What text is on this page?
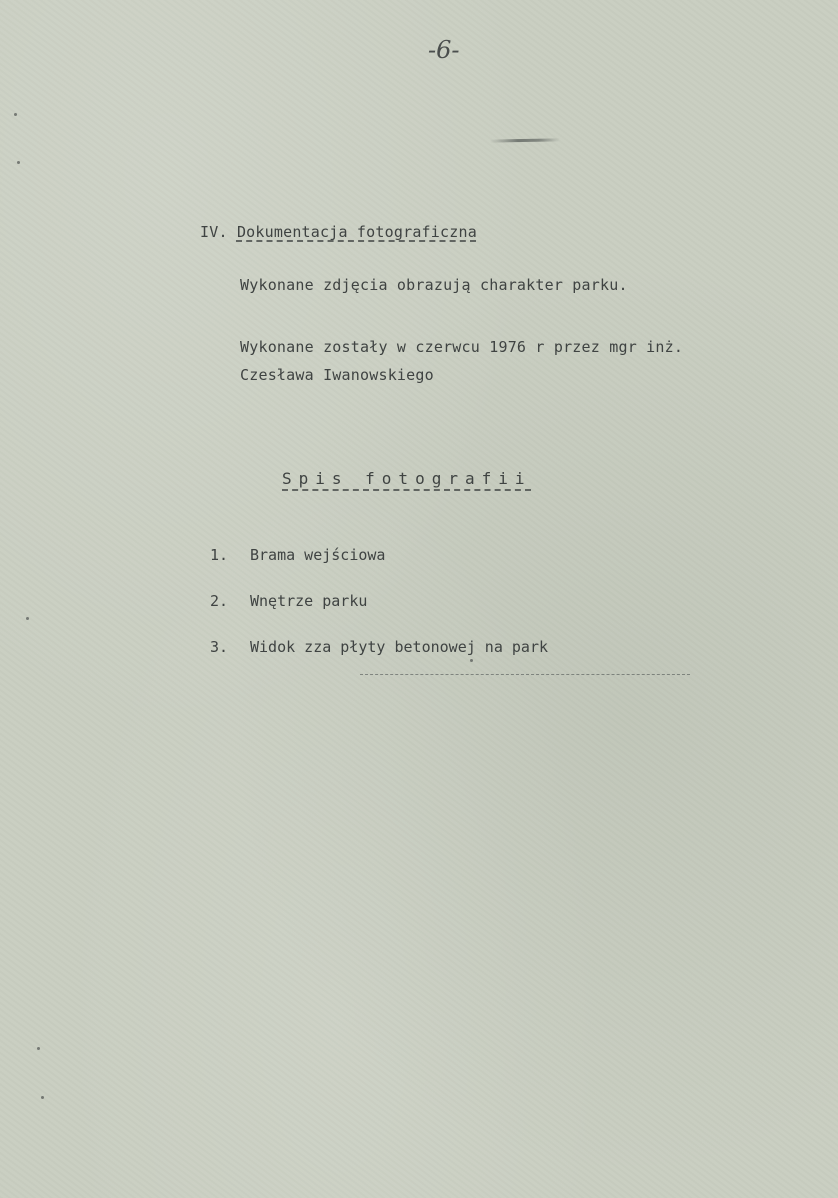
-6-
IV. Dokumentacja fotograficzna
Wykonane zdjęcia obrazują charakter parku.
Wykonane zostały w czerwcu 1976 r przez mgr inż.
Czesława Iwanowskiego
Spis fotografii
1. Brama wejściowa
2. Wnętrze parku
3. Widok zza płyty betonowej na park
